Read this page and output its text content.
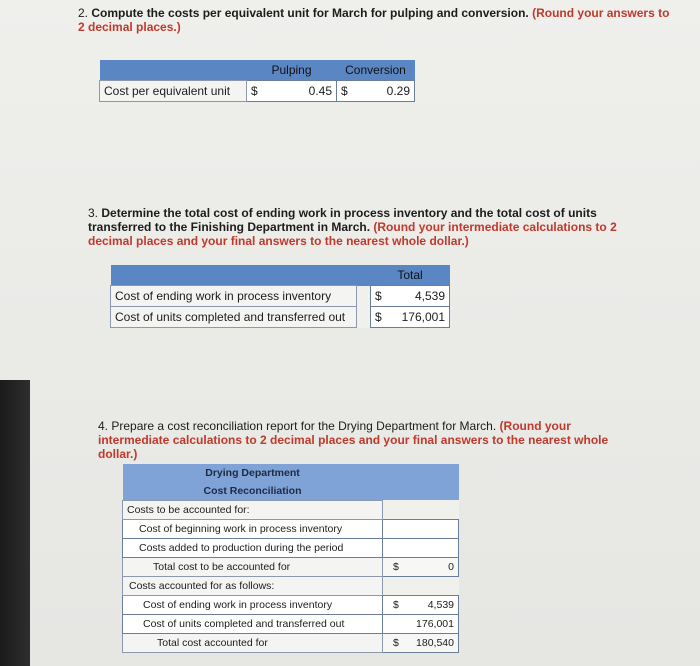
2. Compute the costs per equivalent unit for March for pulping and conversion. (Round your answers to 2 decimal places.)
	Pulping		Conversion	
Cost per equivalent unit	$	0.45	$	0.29
3. Determine the total cost of ending work in process inventory and the total cost of units transferred to the Finishing Department in March. (Round your intermediate calculations to 2 decimal places and your final answers to the nearest whole dollar.)
		Total	
Cost of ending work in process inventory		$	4,539
Cost of units completed and transferred out		$	176,001
4. Prepare a cost reconciliation report for the Drying Department for March. (Round your intermediate calculations to 2 decimal places and your final answers to the nearest whole dollar.)
Drying Department	
Cost Reconciliation	
Costs to be accounted for:	
Cost of beginning work in process inventory	
Costs added to production during the period	
Total cost to be accounted for	$ 0
Costs accounted for as follows:	
Cost of ending work in process inventory	$ 4,539
Cost of units completed and transferred out	176,001
Total cost accounted for	$ 180,540
